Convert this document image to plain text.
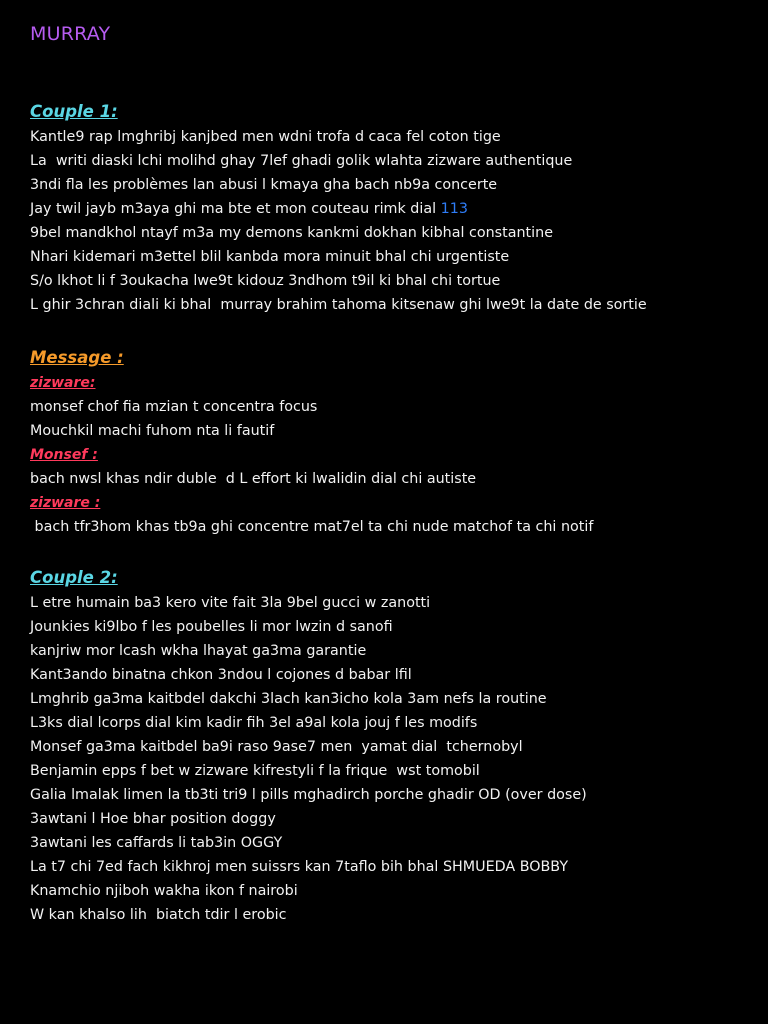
MURRAY
Couple 1:
Kantle9 rap lmghribj kanjbed men wdni trofa d caca fel coton tige
La  writi diaski lchi molihd ghay 7lef ghadi golik wlahta zizware authentique
3ndi fla les problèmes lan abusi l kmaya gha bach nb9a concerte
Jay twil jayb m3aya ghi ma bte et mon couteau rimk dial 113
9bel mandkhol ntayf m3a my demons kankmi dokhan kibhal constantine
Nhari kidemari m3ettel blil kanbda mora minuit bhal chi urgentiste
S/o lkhot li f 3oukacha lwe9t kidouz 3ndhom t9il ki bhal chi tortue
L ghir 3chran diali ki bhal  murray brahim tahoma kitsenaw ghi lwe9t la date de sortie
Message :
zizware:
monsef chof fia mzian t concentra focus
Mouchkil machi fuhom nta li fautif
Monsef :
bach nwsl khas ndir duble  d L effort ki lwalidin dial chi autiste
zizware :
bach tfr3hom khas tb9a ghi concentre mat7el ta chi nude matchof ta chi notif
Couple 2:
L etre humain ba3 kero vite fait 3la 9bel gucci w zanotti
Jounkies ki9lbo f les poubelles li mor lwzin d sanofi
kanjriw mor lcash wkha lhayat ga3ma garantie
Kant3ando binatna chkon 3ndou l cojones d babar lfil
Lmghrib ga3ma kaitbdel dakchi 3lach kan3icho kola 3am nefs la routine
L3ks dial lcorps dial kim kadir fih 3el a9al kola jouj f les modifs
Monsef ga3ma kaitbdel ba9i raso 9ase7 men  yamat dial  tchernobyl
Benjamin epps f bet w zizware kifrestyli f la frique  wst tomobil
Galia lmalak limen la tb3ti tri9 l pills mghadirch porche ghadir OD (over dose)
3awtani l Hoe bhar position doggy
3awtani les caffards li tab3in OGGY
La t7 chi 7ed fach kikhroj men suissrs kan 7taflo bih bhal SHMUEDA BOBBY
Knamchio njiboh wakha ikon f nairobi
W kan khalso lih  biatch tdir l erobic
